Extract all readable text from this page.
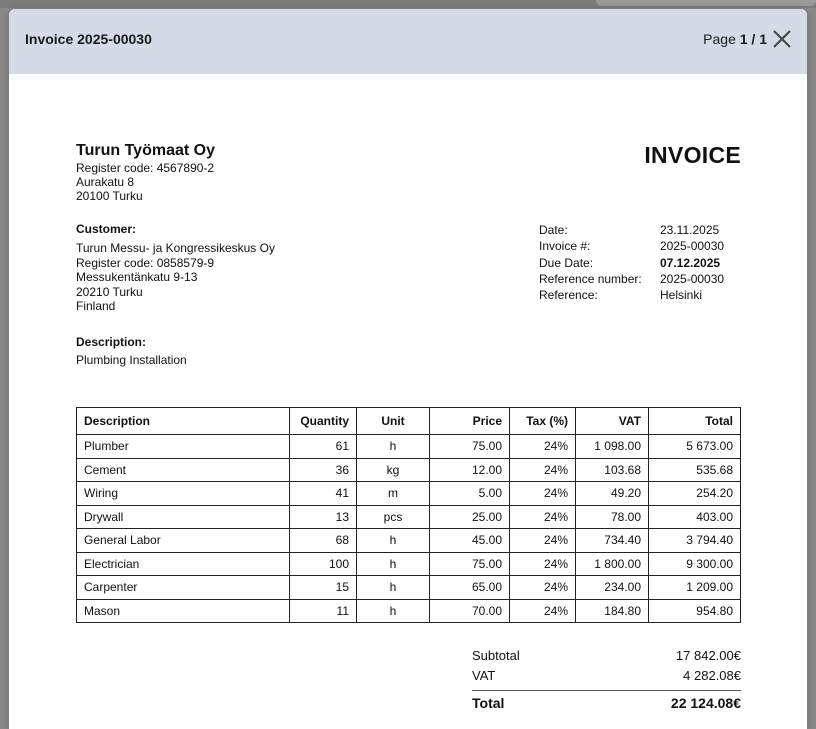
Invoice 2025-00030	Page 1 / 1
Turun Työmaat Oy
Register code: 4567890-2
Aurakatu 8
20100 Turku
INVOICE
Customer:
Turun Messu- ja Kongressikeskus Oy
Register code: 0858579-9
Messukentänkatu 9-13
20210 Turku
Finland
Date:	23.11.2025
Invoice #:	2025-00030
Due Date:	07.12.2025
Reference number:	2025-00030
Reference:	Helsinki
Description:
Plumbing Installation
Description	Quantity	Unit	Price	Tax (%)	VAT	Total
Plumber	61	h	75.00	24%	1 098.00	5 673.00
Cement	36	kg	12.00	24%	103.68	535.68
Wiring	41	m	5.00	24%	49.20	254.20
Drywall	13	pcs	25.00	24%	78.00	403.00
General Labor	68	h	45.00	24%	734.40	3 794.40
Electrician	100	h	75.00	24%	1 800.00	9 300.00
Carpenter	15	h	65.00	24%	234.00	1 209.00
Mason	11	h	70.00	24%	184.80	954.80
Subtotal	17 842.00€
VAT	4 282.08€
Total	22 124.08€
